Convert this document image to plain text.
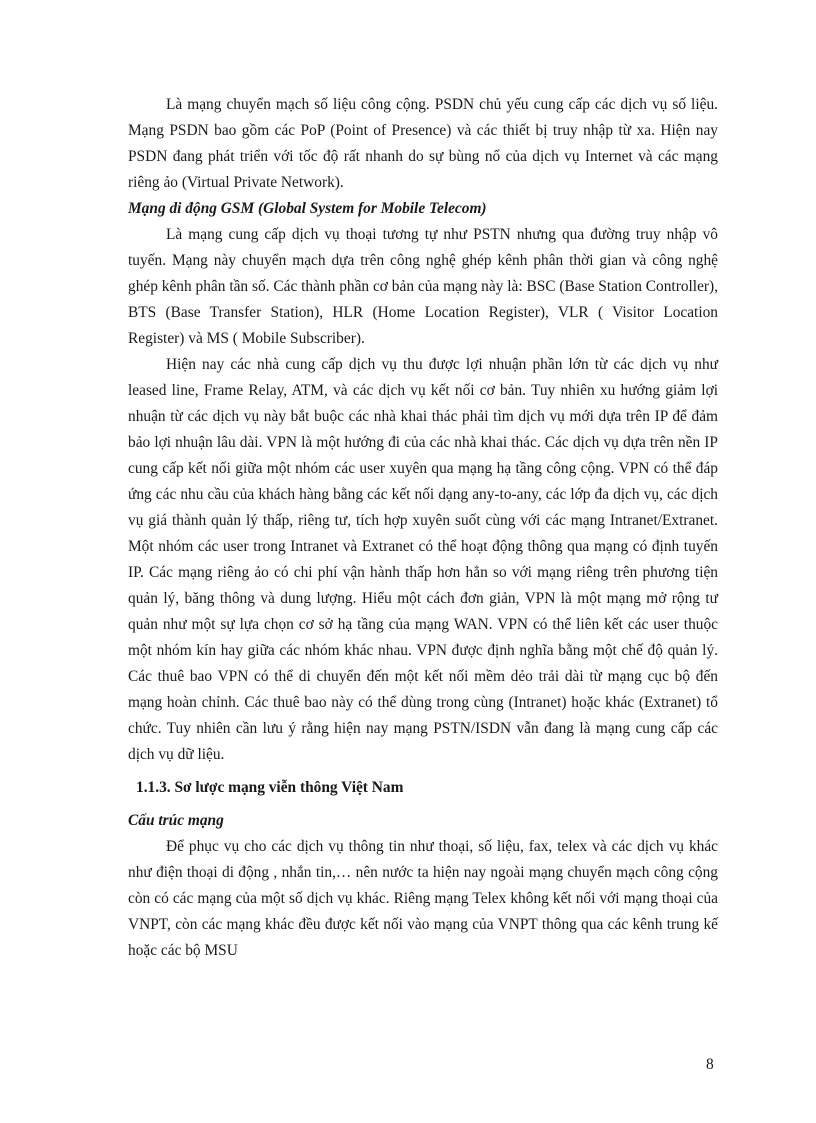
Là mạng chuyển mạch số liệu công cộng. PSDN chủ yếu cung cấp các dịch vụ số liệu. Mạng PSDN bao gồm các PoP (Point of Presence) và các thiết bị truy nhập từ xa. Hiện nay PSDN đang phát triển với tốc độ rất nhanh do sự bùng nổ của dịch vụ Internet và các mạng riêng ảo (Virtual Private Network).

Mạng di động GSM (Global System for Mobile Telecom)

Là mạng cung cấp dịch vụ thoại tương tự như PSTN nhưng qua đường truy nhập vô tuyến. Mạng này chuyển mạch dựa trên công nghệ ghép kênh phân thời gian và công nghệ ghép kênh phân tần số. Các thành phần cơ bản của mạng này là: BSC (Base Station Controller), BTS (Base Transfer Station), HLR (Home Location Register), VLR ( Visitor Location Register) và MS ( Mobile Subscriber).

Hiện nay các nhà cung cấp dịch vụ thu được lợi nhuận phần lớn từ các dịch vụ như leased line, Frame Relay, ATM, và các dịch vụ kết nối cơ bản. Tuy nhiên xu hướng giảm lợi nhuận từ các dịch vụ này bắt buộc các nhà khai thác phải tìm dịch vụ mới dựa trên IP để đảm bảo lợi nhuận lâu dài. VPN là một hướng đi của các nhà khai thác. Các dịch vụ dựa trên nền IP cung cấp kết nối giữa một nhóm các user xuyên qua mạng hạ tầng công cộng. VPN có thể đáp ứng các nhu cầu của khách hàng bằng các kết nối dạng any-to-any, các lớp đa dịch vụ, các dịch vụ giá thành quản lý thấp, riêng tư, tích hợp xuyên suốt cùng với các mạng Intranet/Extranet. Một nhóm các user trong Intranet và Extranet có thể hoạt động thông qua mạng có định tuyến IP. Các mạng riêng ảo có chi phí vận hành thấp hơn hẳn so với mạng riêng trên phương tiện quản lý, băng thông và dung lượng. Hiểu một cách đơn giản, VPN là một mạng mở rộng tư quản như một sự lựa chọn cơ sở hạ tầng của mạng WAN. VPN có thể liên kết các user thuộc một nhóm kín hay giữa các nhóm khác nhau. VPN được định nghĩa bằng một chế độ quản lý. Các thuê bao VPN có thể di chuyển đến một kết nối mềm dẻo trải dài từ mạng cục bộ đến mạng hoàn chỉnh. Các thuê bao này có thể dùng trong cùng (Intranet) hoặc khác (Extranet) tổ chức. Tuy nhiên cần lưu ý rằng hiện nay mạng PSTN/ISDN vẫn đang là mạng cung cấp các dịch vụ dữ liệu.

1.1.3. Sơ lược mạng viễn thông Việt Nam
Cấu trúc mạng

Để phục vụ cho các dịch vụ thông tin như thoại, số liệu, fax, telex và các dịch vụ khác như điện thoại di động , nhắn tin,… nên nước ta hiện nay ngoài mạng chuyển mạch công cộng còn có các mạng của một số dịch vụ khác. Riêng mạng Telex không kết nối với mạng thoại của VNPT, còn các mạng khác đều được kết nối vào mạng của VNPT thông qua các kênh trung kế hoặc các bộ MSU

8
